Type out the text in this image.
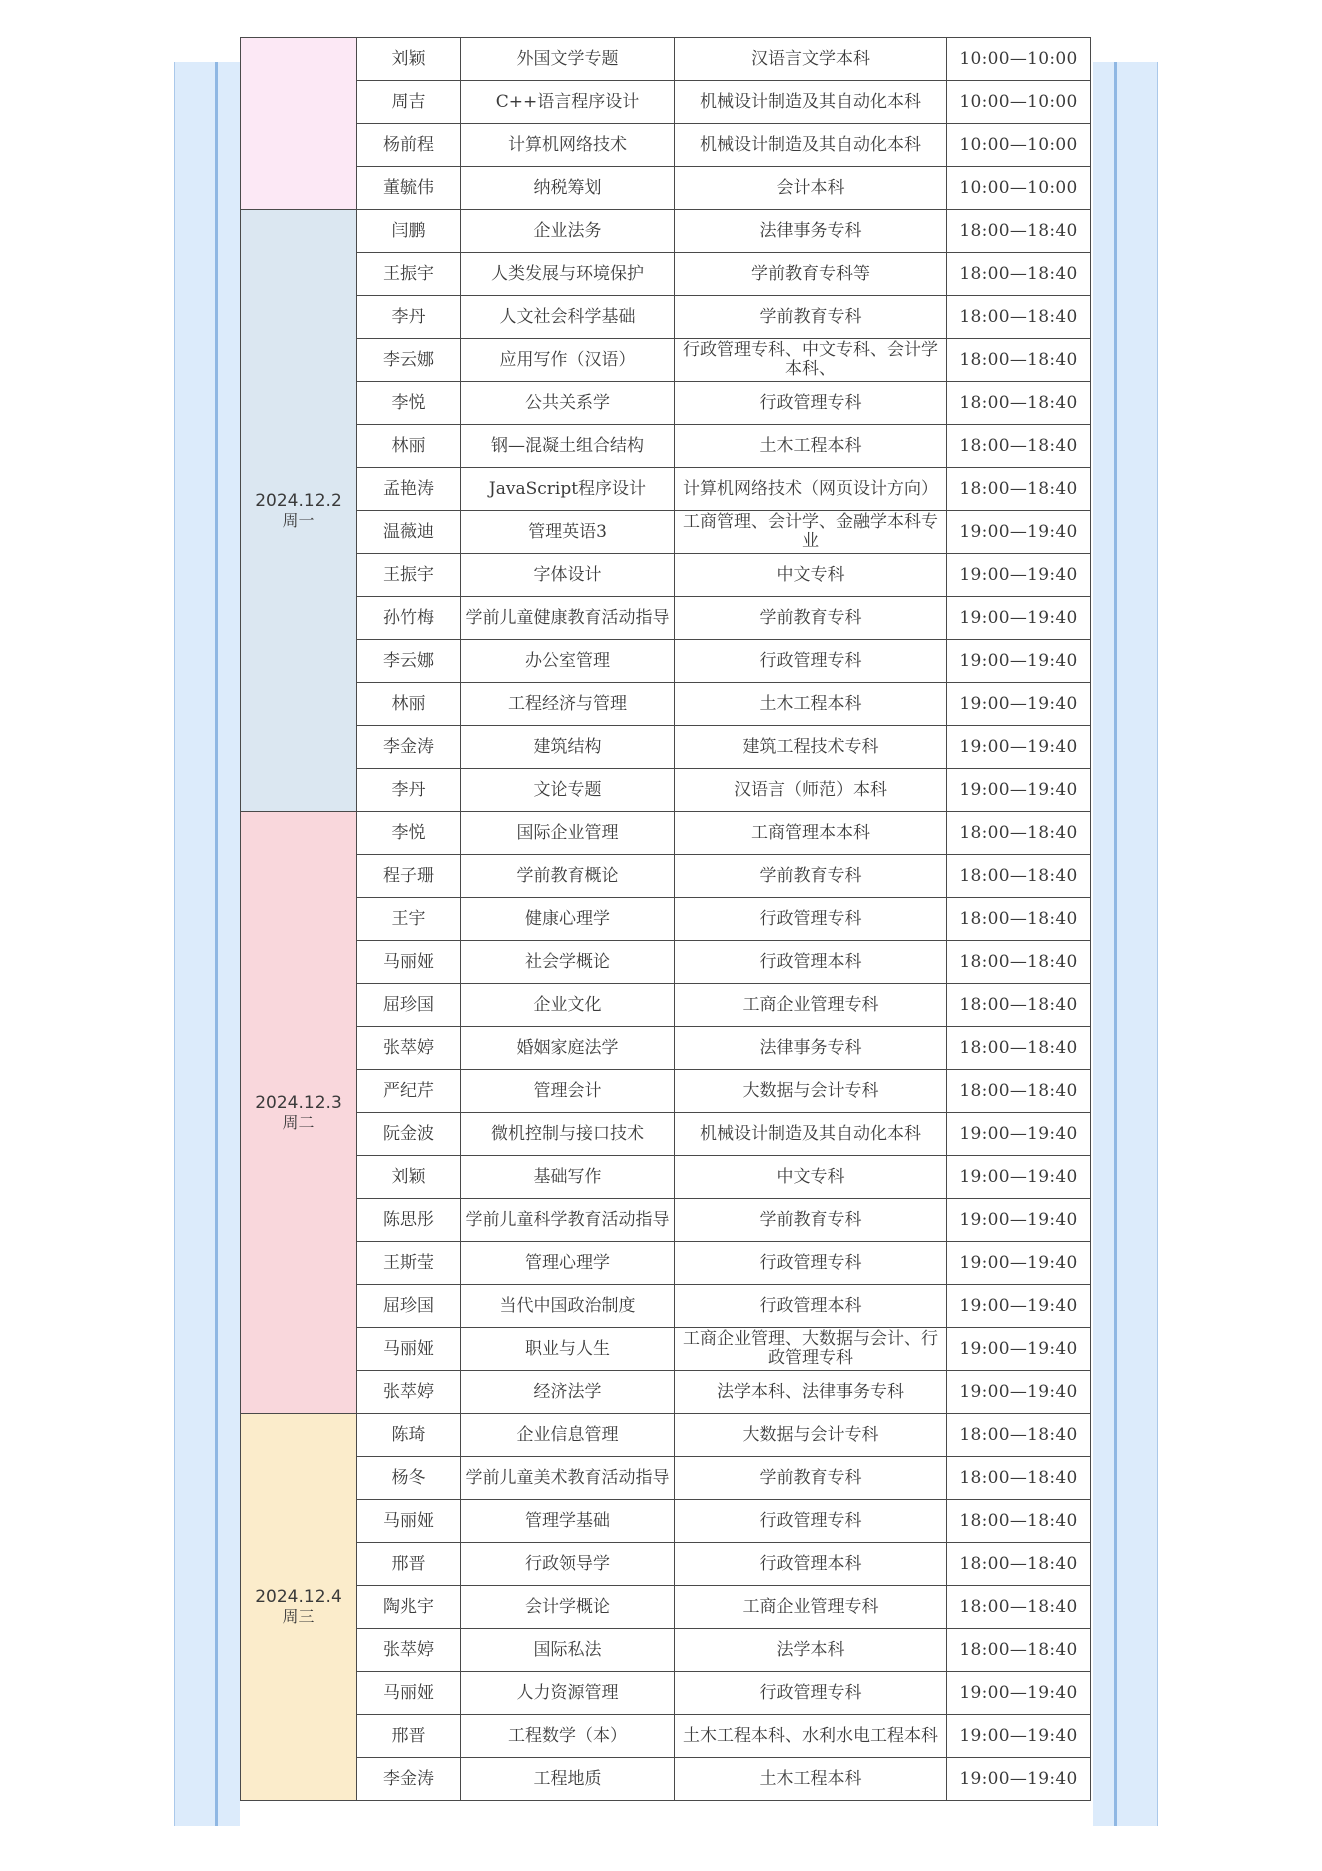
	刘颖	外国文学专题	汉语言文学本科	10:00—10:00
	周吉	C++语言程序设计	机械设计制造及其自动化本科	10:00—10:00
	杨前程	计算机网络技术	机械设计制造及其自动化本科	10:00—10:00
	董毓伟	纳税筹划	会计本科	10:00—10:00

2024.12.2
周一	闫鹏	企业法务	法律事务专科	18:00—18:40
	王振宇	人类发展与环境保护	学前教育专科等	18:00—18:40
	李丹	人文社会科学基础	学前教育专科	18:00—18:40
	李云娜	应用写作（汉语）	行政管理专科、中文专科、会计学本科、	18:00—18:40
	李悦	公共关系学	行政管理专科	18:00—18:40
	林丽	钢—混凝土组合结构	土木工程本科	18:00—18:40
	孟艳涛	JavaScript程序设计	计算机网络技术（网页设计方向）	18:00—18:40
	温薇迪	管理英语3	工商管理、会计学、金融学本科专业	19:00—19:40
	王振宇	字体设计	中文专科	19:00—19:40
	孙竹梅	学前儿童健康教育活动指导	学前教育专科	19:00—19:40
	李云娜	办公室管理	行政管理专科	19:00—19:40
	林丽	工程经济与管理	土木工程本科	19:00—19:40
	李金涛	建筑结构	建筑工程技术专科	19:00—19:40
	李丹	文论专题	汉语言（师范）本科	19:00—19:40

2024.12.3
周二	李悦	国际企业管理	工商管理本本科	18:00—18:40
	程子珊	学前教育概论	学前教育专科	18:00—18:40
	王宇	健康心理学	行政管理专科	18:00—18:40
	马丽娅	社会学概论	行政管理本科	18:00—18:40
	屈珍国	企业文化	工商企业管理专科	18:00—18:40
	张萃婷	婚姻家庭法学	法律事务专科	18:00—18:40
	严纪芹	管理会计	大数据与会计专科	18:00—18:40
	阮金波	微机控制与接口技术	机械设计制造及其自动化本科	19:00—19:40
	刘颖	基础写作	中文专科	19:00—19:40
	陈思彤	学前儿童科学教育活动指导	学前教育专科	19:00—19:40
	王斯莹	管理心理学	行政管理专科	19:00—19:40
	屈珍国	当代中国政治制度	行政管理本科	19:00—19:40
	马丽娅	职业与人生	工商企业管理、大数据与会计、行政管理专科	19:00—19:40
	张萃婷	经济法学	法学本科、法律事务专科	19:00—19:40

2024.12.4
周三	陈琦	企业信息管理	大数据与会计专科	18:00—18:40
	杨冬	学前儿童美术教育活动指导	学前教育专科	18:00—18:40
	马丽娅	管理学基础	行政管理专科	18:00—18:40
	邢晋	行政领导学	行政管理本科	18:00—18:40
	陶兆宇	会计学概论	工商企业管理专科	18:00—18:40
	张萃婷	国际私法	法学本科	18:00—18:40
	马丽娅	人力资源管理	行政管理专科	19:00—19:40
	邢晋	工程数学（本）	土木工程本科、水利水电工程本科	19:00—19:40
	李金涛	工程地质	土木工程本科	19:00—19:40
